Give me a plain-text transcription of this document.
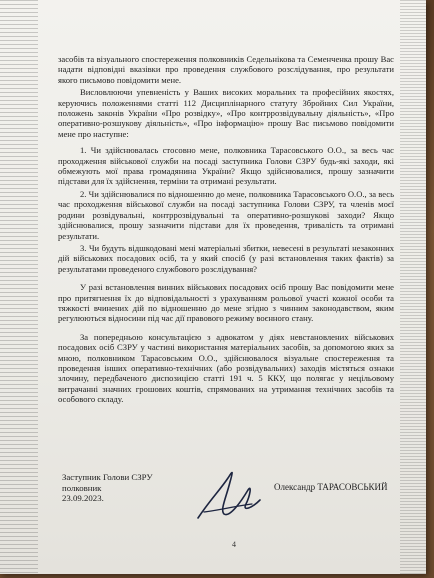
засобів та візуального спостереження полковників Седельнікова та Семенченка прошу Вас надати відповідні вказівки про проведення службового розслідування, про результати якого письмово повідомити мене.

Висловлюючи упевненість у Ваших високих моральних та професійних якостях, керуючись положеннями статті 112 Дисциплінарного статуту Збройних Сил України, положень законів України «Про розвідку», «Про контррозвідувальну діяльність», «Про оперативно-розшукову діяльність», «Про інформацію» прошу Вас письмово повідомити мене про наступне:

1. Чи здійснювалась стосовно мене, полковника Тарасовського О.О., за весь час проходження військової служби на посаді заступника Голови СЗРУ будь-які заходи, які обмежують мої права громадянина України? Якщо здійснювалися, прошу зазначити підстави для їх здійснення, терміни та отримані результати.

2. Чи здійснювалися по відношенню до мене, полковника Тарасовського О.О., за весь час проходження військової служби на посаді заступника Голови СЗРУ, та членів моєї родини розвідувальні, контррозвідувальні та оперативно-розшукові заходи? Якщо здійснювалися, прошу зазначити підстави для їх проведення, тривалість та отримані результати.

3. Чи будуть відшкодовані мені матеріальні збитки, невесені в результаті незаконних дій військових посадових осіб, та у який спосіб (у разі встановлення таких фактів) за результатами проведеного службового розслідування?

У разі встановлення винних військових посадових осіб прошу Вас повідомити мене про притягнення їх до відповідальності з урахуванням рольової участі кожної особи та тяжкості вчинених дій по відношенню до мене згідно з чинним законодавством, яким регулюються відносини під час дії правового режиму воєнного стану.

За попередньою консультацією з адвокатом у діях невстановлених військових посадових осіб СЗРУ у частині використання матеріальних засобів, за допомогою яких за мною, полковником Тарасовським О.О., здійснювалося візуальне спостереження та проведення інших оперативно-технічних (або розвідувальних) заходів містяться ознаки злочину, передбаченого диспозицією статті 191 ч. 5 ККУ, що полягає у нецільовому витрачанні значних грошових коштів, спрямованих на утримання технічних засобів та особового складу.

Заступник Голови СЗРУ
полковник
23.09.2023.
Олександр ТАРАСОВСЬКИЙ
4
